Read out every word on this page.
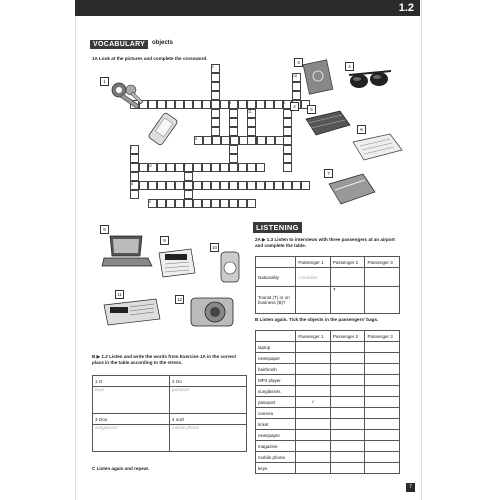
1.2
VOCABULARY	objects
1A Look at the pictures and complete the crossword.
2
3	4
5
6
7
8
9
10
11
12
1
3
4
5
6
7
8
9
10
11
12
2
B ▶ 1.2 Listen and write the words from Exercise 1A in the correct place in the table according to the stress.
1 O	2 Oo
keys	passport
3 Ooo	4 ooO
sunglasses	mobile phone
C Listen again and repeat.
LISTENING
2A ▶ 1.3 Listen to interviews with three passengers at an airport and complete the table.
	Passenger 1	Passenger 2	Passenger 3
Nationality	Canadian		
Tourist (T) or on business (B)?		T	
B Listen again. Tick the objects in the passengers' bags.
	Passenger 1	Passenger 2	Passenger 3
laptop			
newspaper			
hairbrush			
MP3 player			
sunglasses			
passport	✓		
camera			
ticket			
newspaper			
magazine			
mobile phone			
keys			
7
